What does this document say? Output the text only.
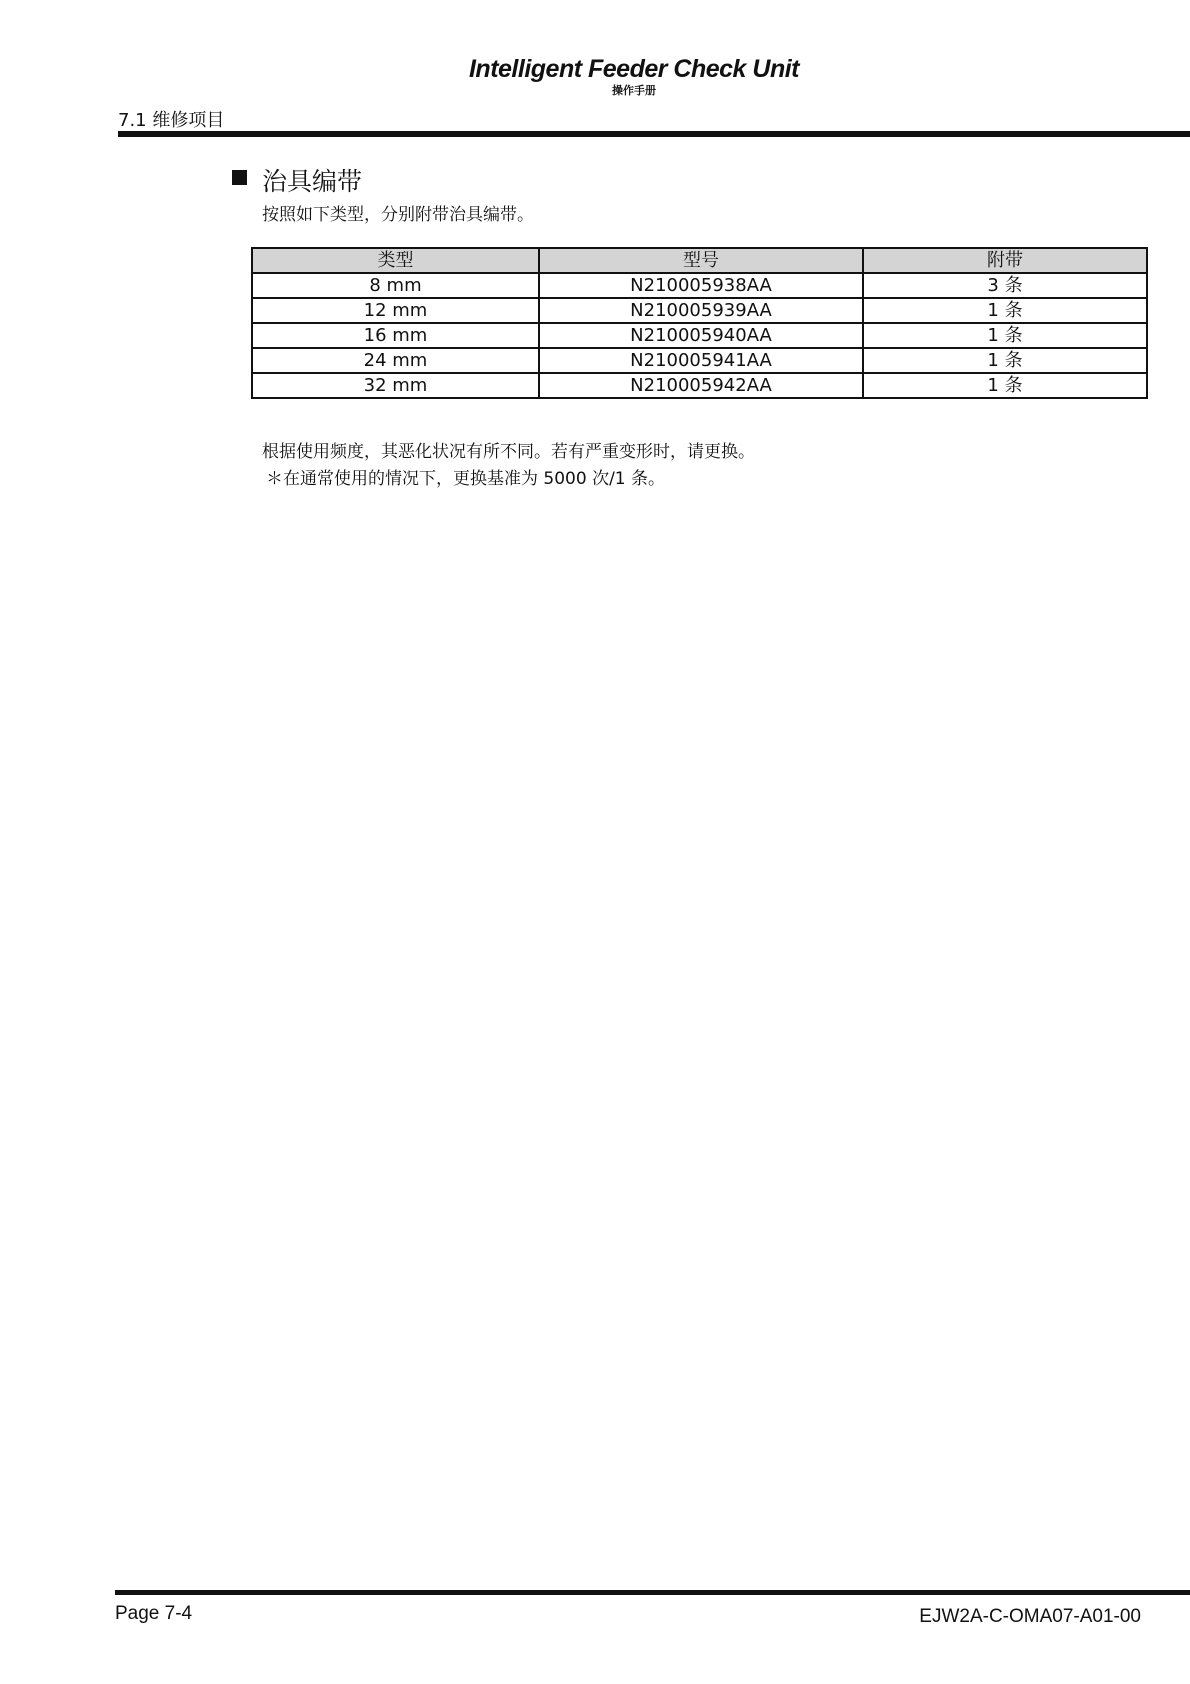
Intelligent Feeder Check Unit
操作手册
7.1 维修项目
治具编带
按照如下类型，分别附带治具编带。
类型	型号	附带
8 mm	N210005938AA	3 条
12 mm	N210005939AA	1 条
16 mm	N210005940AA	1 条
24 mm	N210005941AA	1 条
32 mm	N210005942AA	1 条
根据使用频度，其恶化状况有所不同。若有严重变形时，请更换。
＊在通常使用的情况下，更换基准为 5000 次/1 条。
Page 7-4	EJW2A-C-OMA07-A01-00
